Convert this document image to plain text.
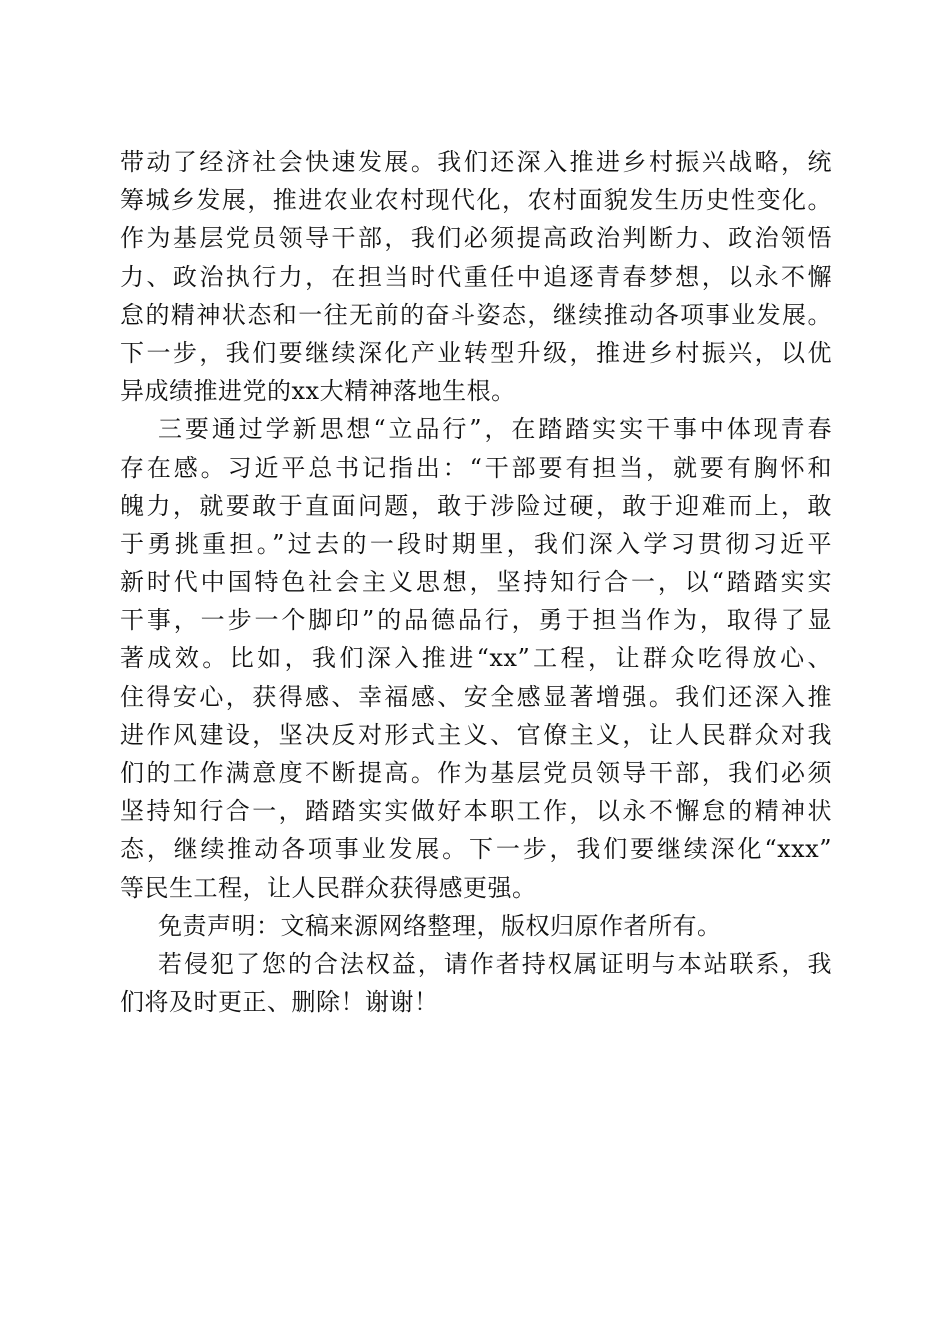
带动了经济社会快速发展。我们还深入推进乡村振兴战略，统
筹城乡发展，推进农业农村现代化，农村面貌发生历史性变化。
作为基层党员领导干部，我们必须提高政治判断力、政治领悟
力、政治执行力，在担当时代重任中追逐青春梦想，以永不懈
怠的精神状态和一往无前的奋斗姿态，继续推动各项事业发展。
下一步，我们要继续深化产业转型升级，推进乡村振兴，以优
异成绩推进党的xx大精神落地生根。
三要通过学新思想“立品行”，在踏踏实实干事中体现青春
存在感。习近平总书记指出：“干部要有担当，就要有胸怀和
魄力，就要敢于直面问题，敢于涉险过硬，敢于迎难而上，敢
于勇挑重担。”过去的一段时期里，我们深入学习贯彻习近平
新时代中国特色社会主义思想，坚持知行合一，以“踏踏实实
干事，一步一个脚印”的品德品行，勇于担当作为，取得了显
著成效。比如，我们深入推进“xx”工程，让群众吃得放心、
住得安心，获得感、幸福感、安全感显著增强。我们还深入推
进作风建设，坚决反对形式主义、官僚主义，让人民群众对我
们的工作满意度不断提高。作为基层党员领导干部，我们必须
坚持知行合一，踏踏实实做好本职工作，以永不懈怠的精神状
态，继续推动各项事业发展。下一步，我们要继续深化“xxx”
等民生工程，让人民群众获得感更强。
免责声明：文稿来源网络整理，版权归原作者所有。
若侵犯了您的合法权益，请作者持权属证明与本站联系，我
们将及时更正、删除！谢谢！
